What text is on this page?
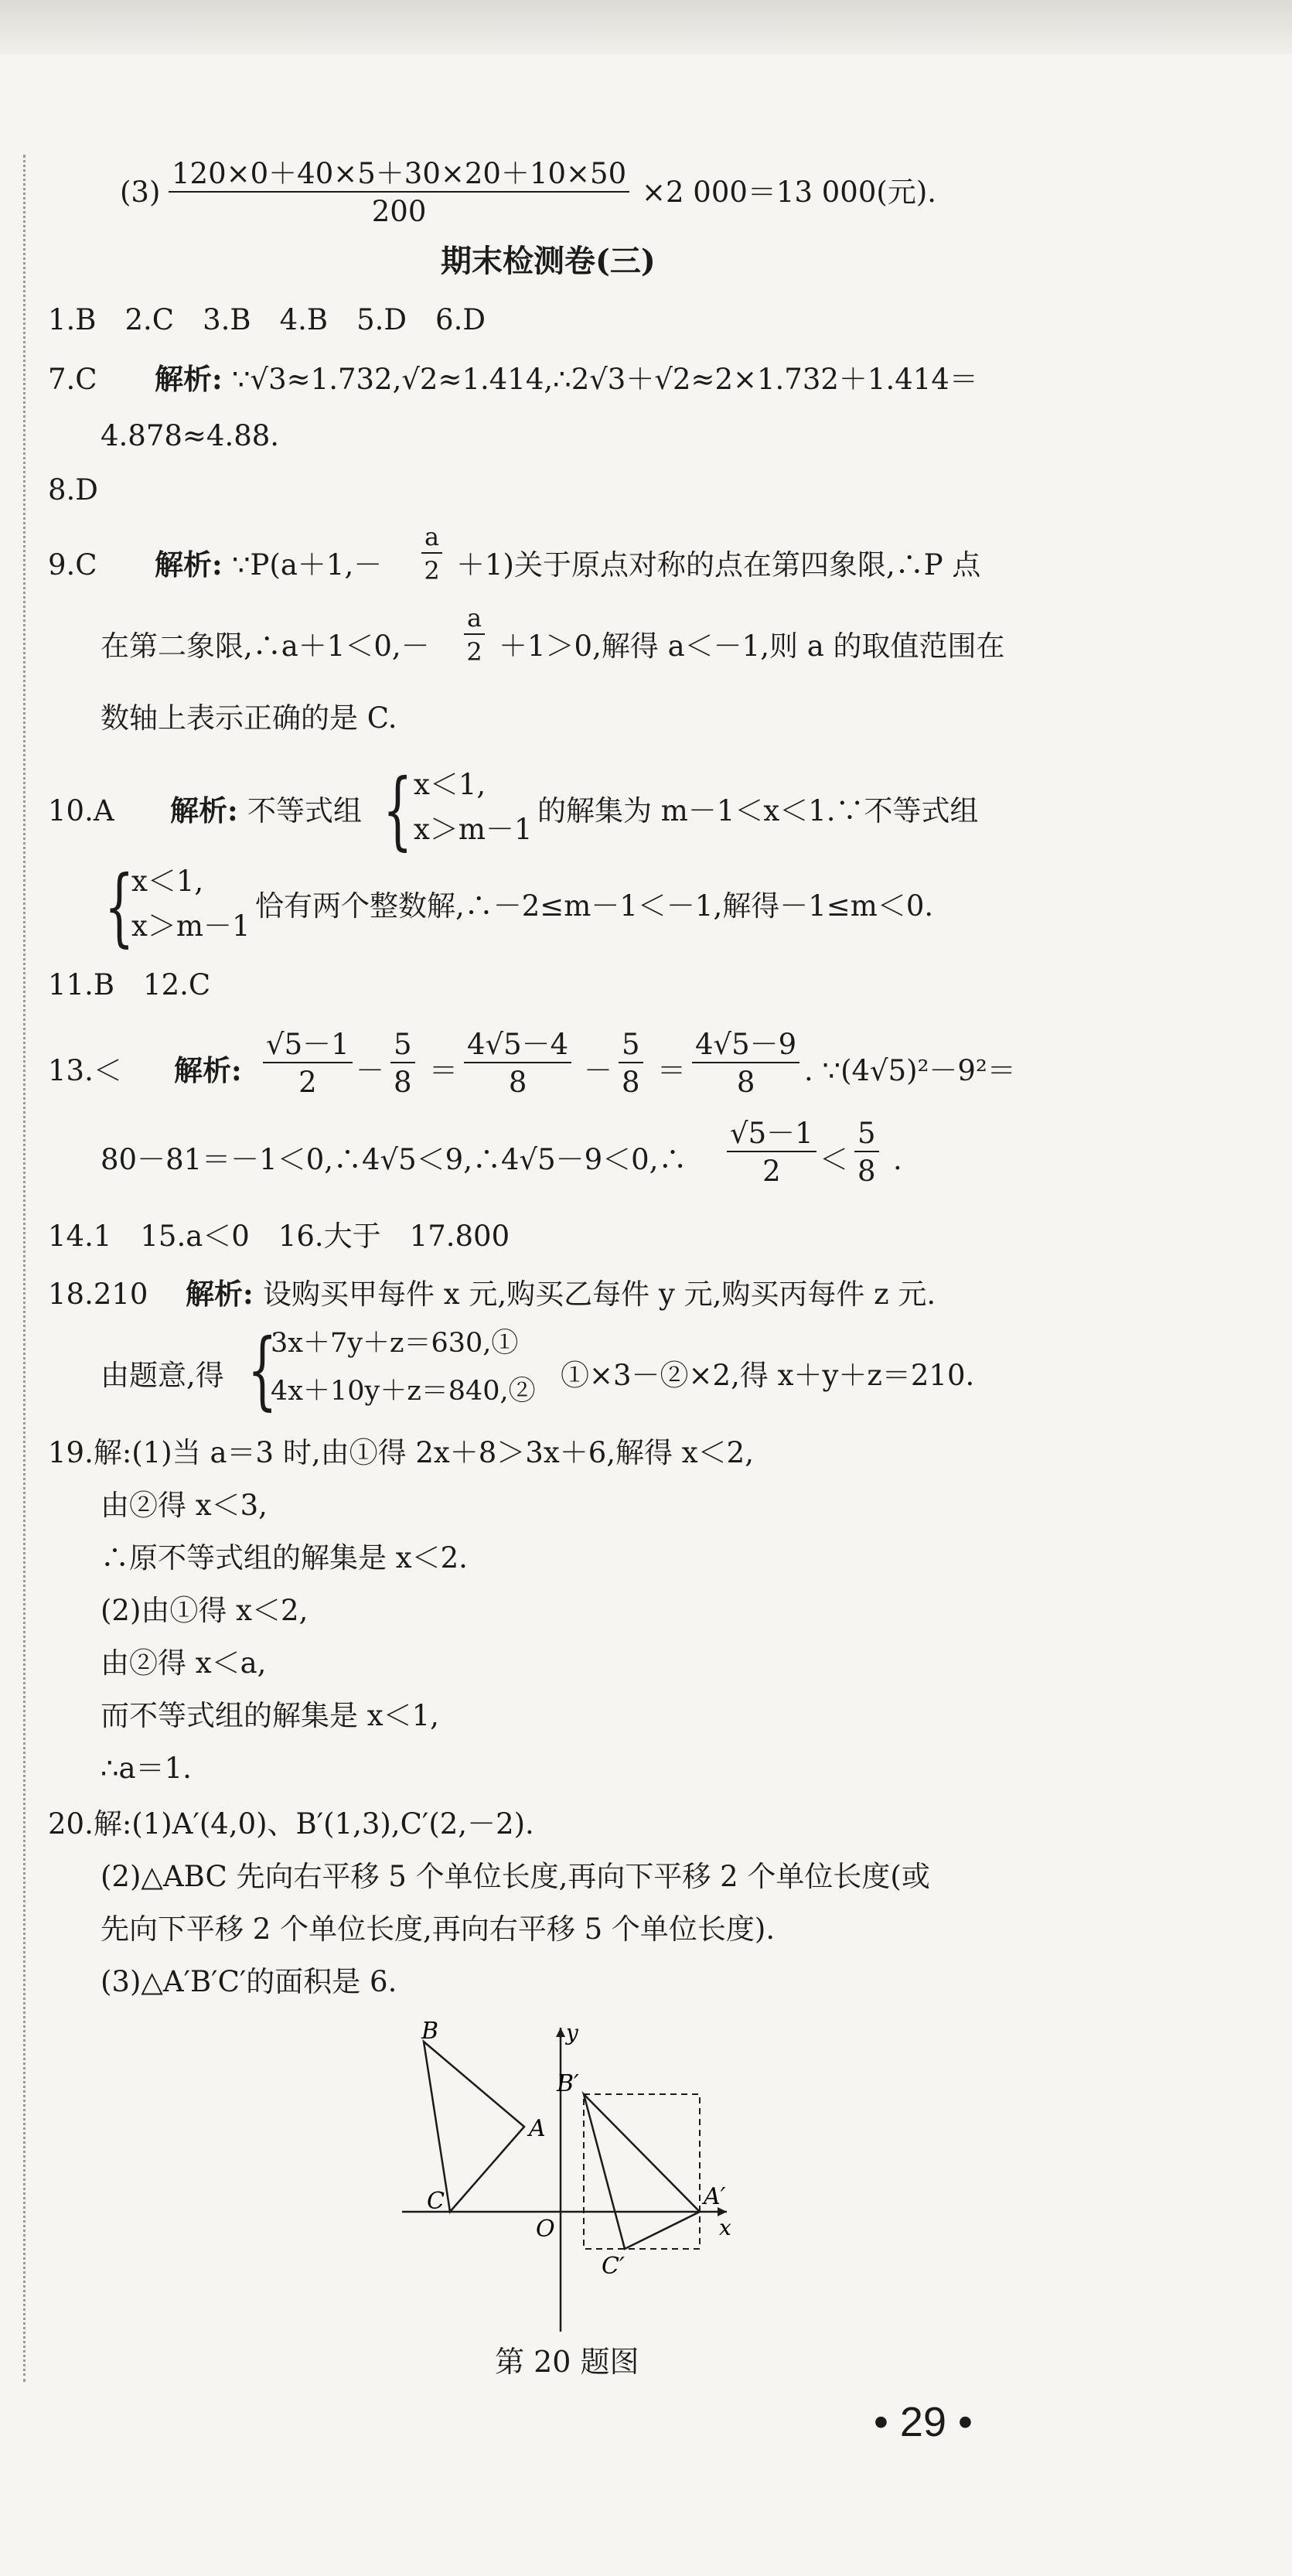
$(3) \frac{120\times 0+40\times 5+30\times 20+10\times 50}{200} \times 2$ 000＝13 000(元).
期末检测卷(三)
1.B　2.C　3.B　4.B　5.D　6.D
7.C 解析: ∵√3≈1.732,√2≈1.414,∴2√3＋√2≈2×1.732＋1.414＝
4.878≈4.88.
8.D
9.C 解析: ∵P(a＋1,－ $\frac{a}{2} +1$)关于原点对称的点在第四象限,∴P 点
在第二象限,∴a＋1＜0,－ $\frac{a}{2} +1>0$,解得 a＜－1,则 a 的取值范围在
数轴上表示正确的是 C.
10.A 解析: 不等式组 { x＜1,
x＞m－1
的解集为 m－1＜x＜1.∵不等式组
{
x＜1,
x＞m－1
恰有两个整数解,∴－2≤m－1＜－1,解得－1≤m＜0.
11.B　12.C
13.＜ 解析: $\frac{√5-1}{2} - \frac{5}{8} = \frac{4√5-4}{8} - \frac{5}{8} = \frac{4√5-9}{8}$ . ∵(4√5)²－9²＝
80－81＝－1＜0,∴4√5＜9,∴4√5－9＜0,∴ $\frac{√5-1}{2} < \frac{5}{8}$ .
14.1　15.a＜0　16.大于　17.800
18.210 解析: 设购买甲每件 x 元,购买乙每件 y 元,购买丙每件 z 元.
由题意,得 {
3x＋7y＋z＝630,①
4x＋10y＋z＝840,② ①×3－②×2,得 x＋y＋z＝210.
19.解:(1)当 a＝3 时,由①得 2x＋8＞3x＋6,解得 x＜2,
由②得 x＜3,
∴原不等式组的解集是 x＜2.
(2)由①得 x＜2,
由②得 x＜a,
而不等式组的解集是 x＜1,
∴a＝1.
20.解:(1)A′(4,0)、B′(1,3),C′(2,－2).
(2)△ABC 先向右平移 5 个单位长度,再向下平移 2 个单位长度(或
先向下平移 2 个单位长度,再向右平移 5 个单位长度).
(3)△A′B′C′的面积是 6.
B
A
C
O	x
y
B′
A′
C′
第 20 题图
• 29 •
